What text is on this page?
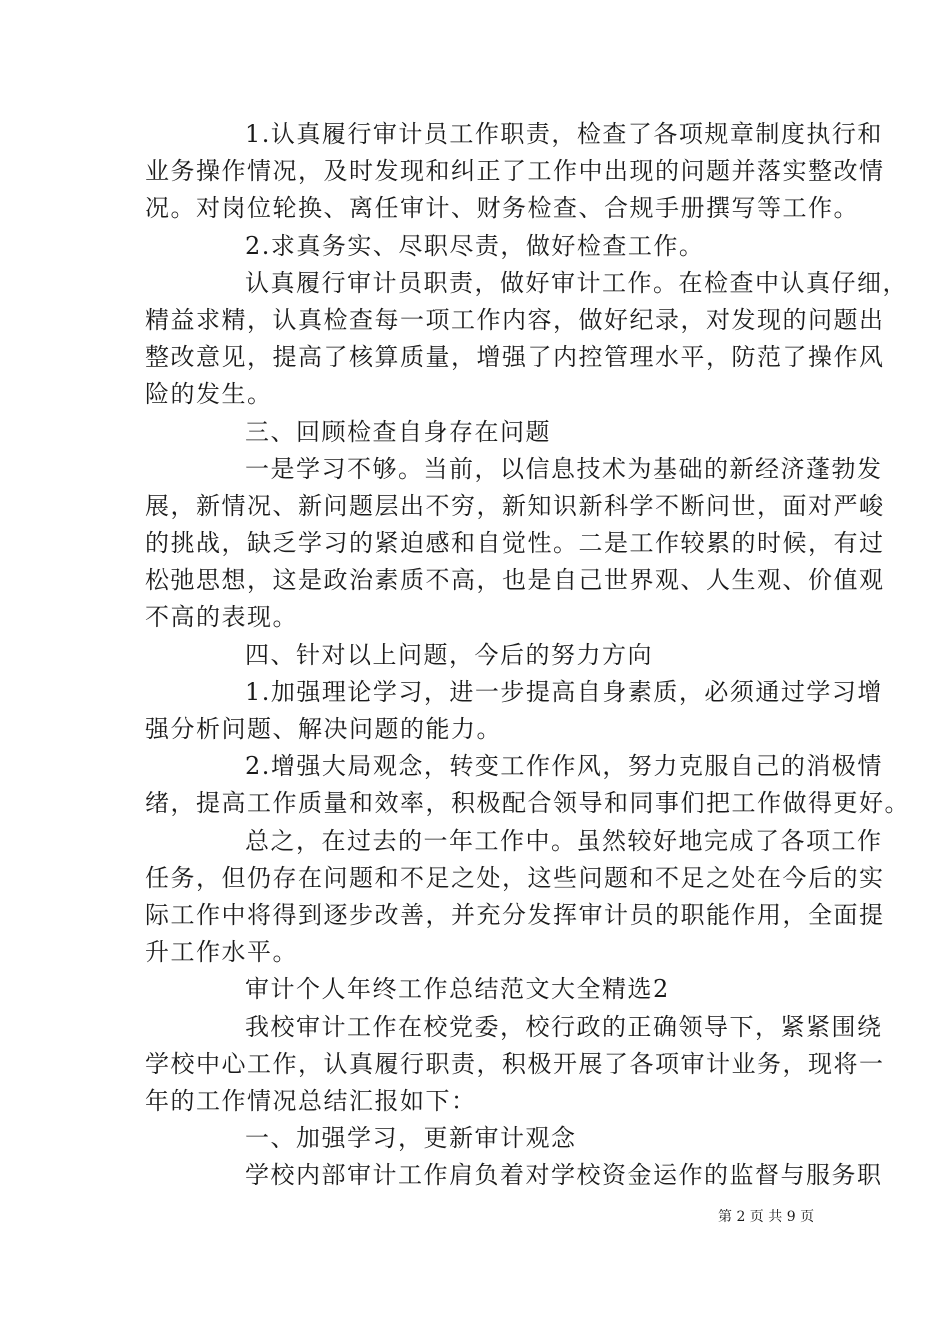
1.认真履行审计员工作职责，检查了各项规章制度执行和
业务操作情况，及时发现和纠正了工作中出现的问题并落实整改情
况。对岗位轮换、离任审计、财务检查、合规手册撰写等工作。
2.求真务实、尽职尽责，做好检查工作。
认真履行审计员职责，做好审计工作。在检查中认真仔细，
精益求精，认真检查每一项工作内容，做好纪录，对发现的问题出
整改意见，提高了核算质量，增强了内控管理水平，防范了操作风
险的发生。
三、回顾检查自身存在问题
一是学习不够。当前，以信息技术为基础的新经济蓬勃发
展，新情况、新问题层出不穷，新知识新科学不断问世，面对严峻
的挑战，缺乏学习的紧迫感和自觉性。二是工作较累的时候，有过
松弛思想，这是政治素质不高，也是自己世界观、人生观、价值观
不高的表现。
四、针对以上问题，今后的努力方向
1.加强理论学习，进一步提高自身素质，必须通过学习增
强分析问题、解决问题的能力。
2.增强大局观念，转变工作作风，努力克服自己的消极情
绪，提高工作质量和效率，积极配合领导和同事们把工作做得更好。
总之，在过去的一年工作中。虽然较好地完成了各项工作
任务，但仍存在问题和不足之处，这些问题和不足之处在今后的实
际工作中将得到逐步改善，并充分发挥审计员的职能作用，全面提
升工作水平。
审计个人年终工作总结范文大全精选2
我校审计工作在校党委，校行政的正确领导下，紧紧围绕
学校中心工作，认真履行职责，积极开展了各项审计业务，现将一
年的工作情况总结汇报如下：
一、加强学习，更新审计观念
学校内部审计工作肩负着对学校资金运作的监督与服务职
第 2 页 共 9 页
